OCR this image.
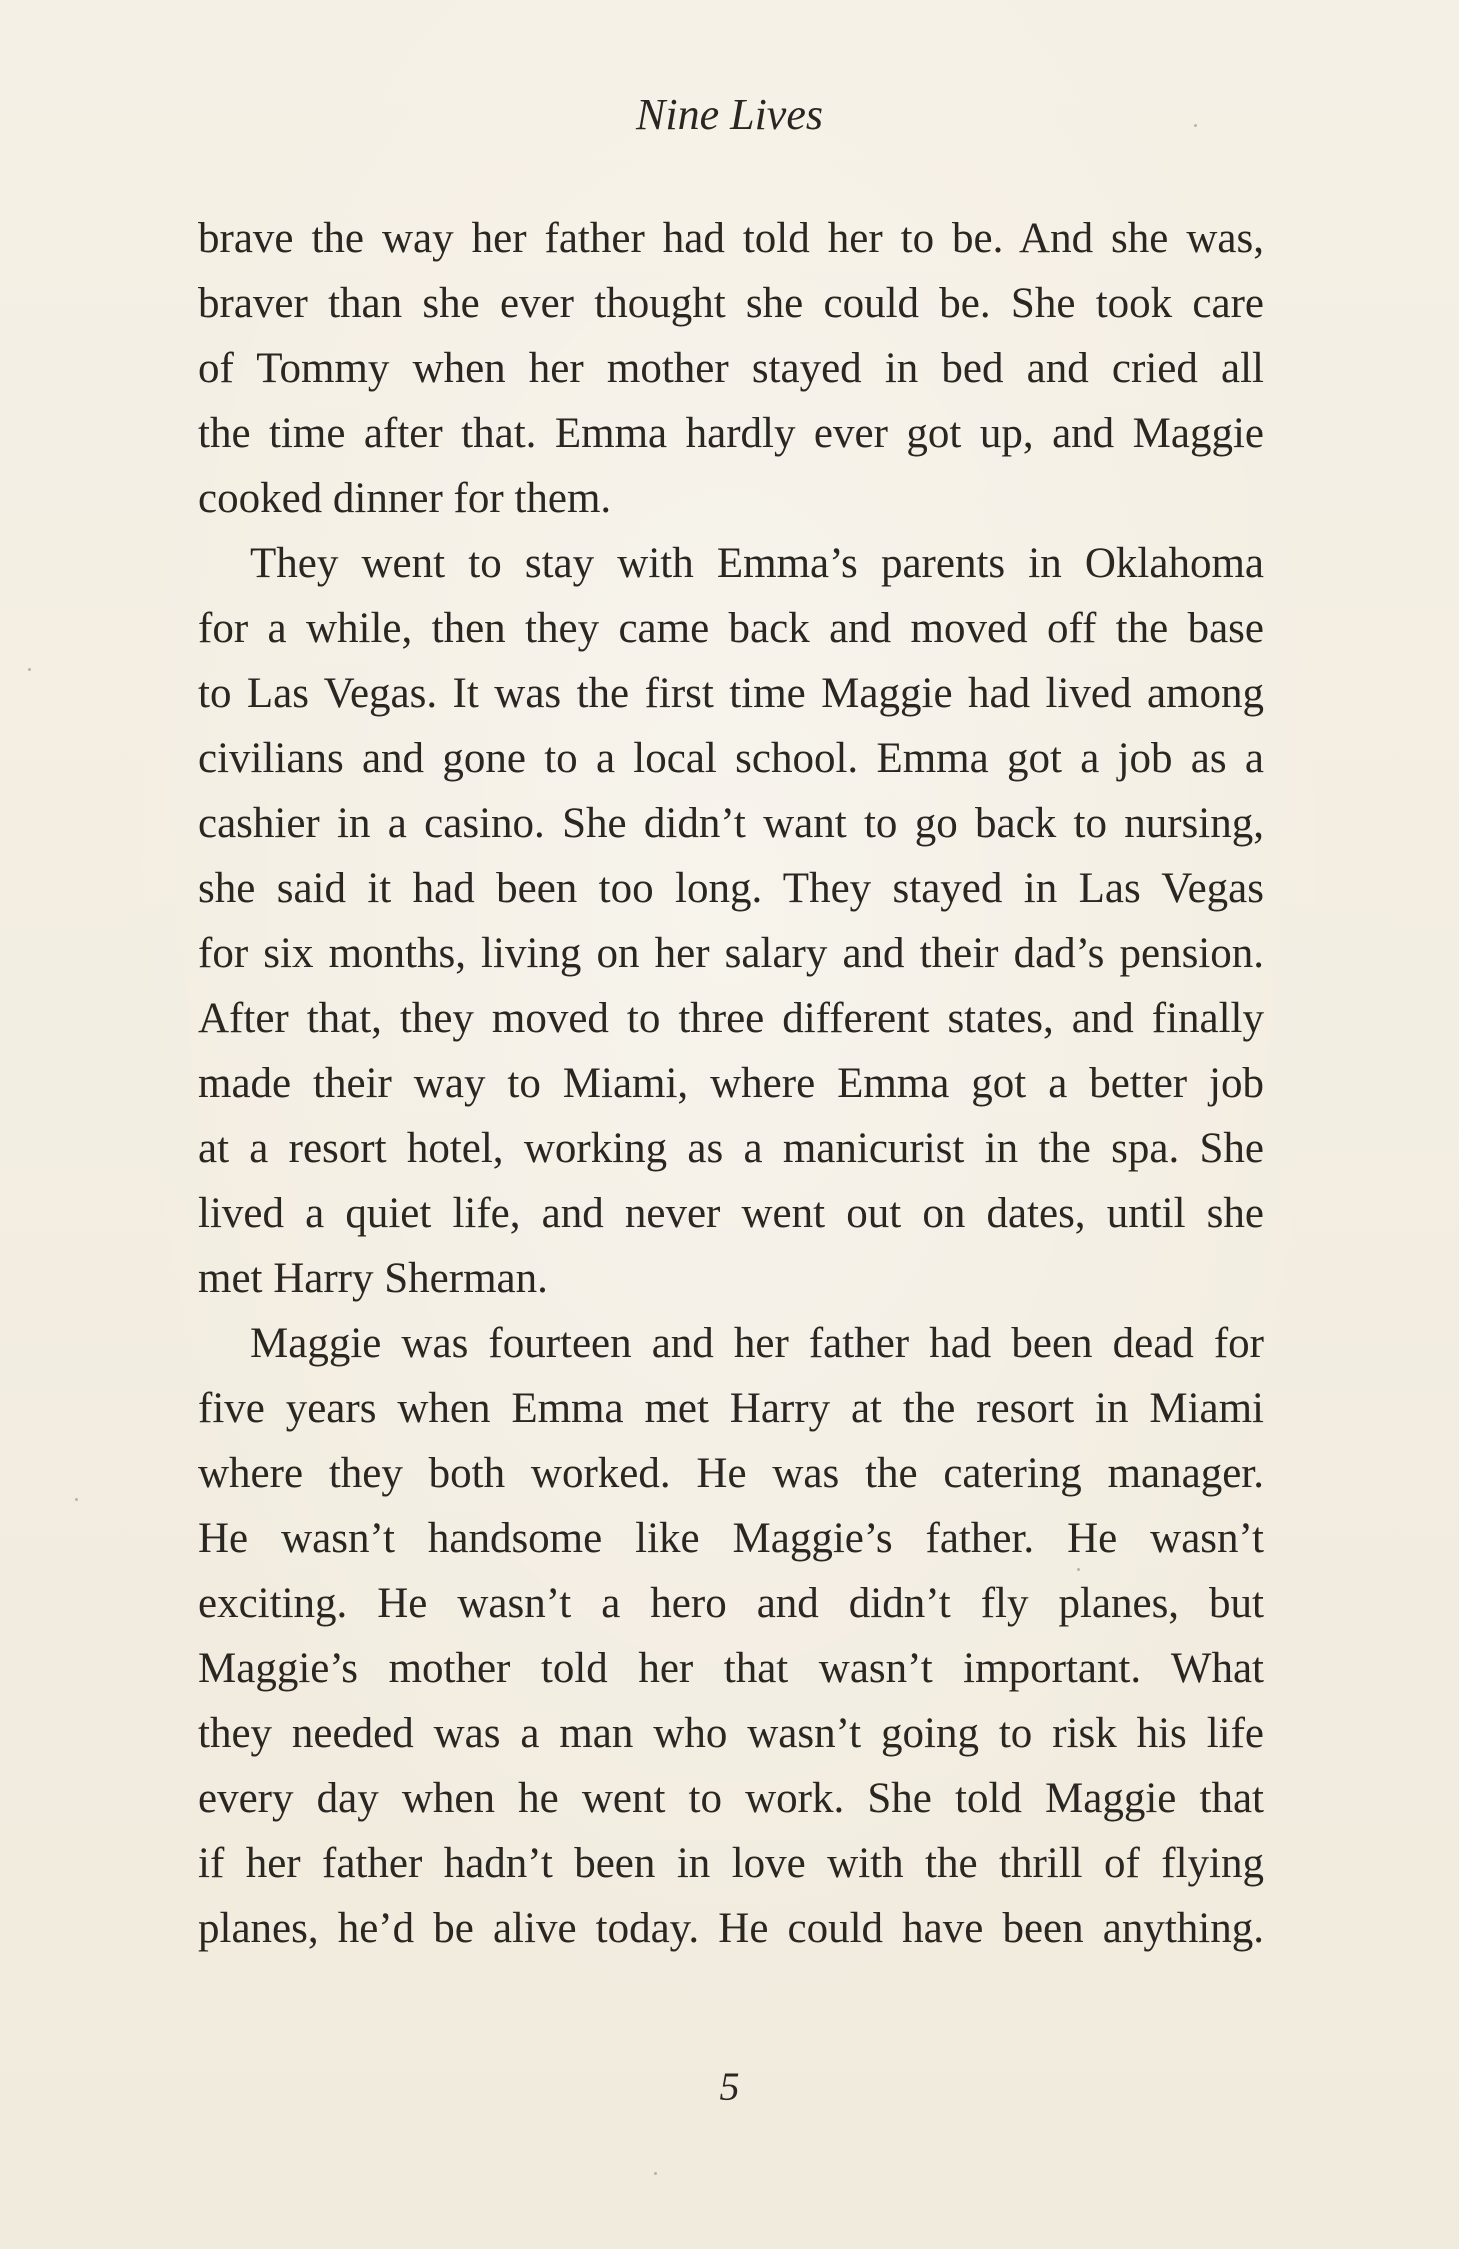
Nine Lives

brave the way her father had told her to be. And she was,
braver than she ever thought she could be. She took care
of Tommy when her mother stayed in bed and cried all
the time after that. Emma hardly ever got up, and Maggie
cooked dinner for them.

They went to stay with Emma’s parents in Oklahoma
for a while, then they came back and moved off the base
to Las Vegas. It was the first time Maggie had lived among
civilians and gone to a local school. Emma got a job as a
cashier in a casino. She didn’t want to go back to nursing,
she said it had been too long. They stayed in Las Vegas
for six months, living on her salary and their dad’s pension.
After that, they moved to three different states, and finally
made their way to Miami, where Emma got a better job
at a resort hotel, working as a manicurist in the spa. She
lived a quiet life, and never went out on dates, until she
met Harry Sherman.

Maggie was fourteen and her father had been dead for
five years when Emma met Harry at the resort in Miami
where they both worked. He was the catering manager.
He wasn’t handsome like Maggie’s father. He wasn’t
exciting. He wasn’t a hero and didn’t fly planes, but
Maggie’s mother told her that wasn’t important. What
they needed was a man who wasn’t going to risk his life
every day when he went to work. She told Maggie that
if her father hadn’t been in love with the thrill of flying
planes, he’d be alive today. He could have been anything.

5
